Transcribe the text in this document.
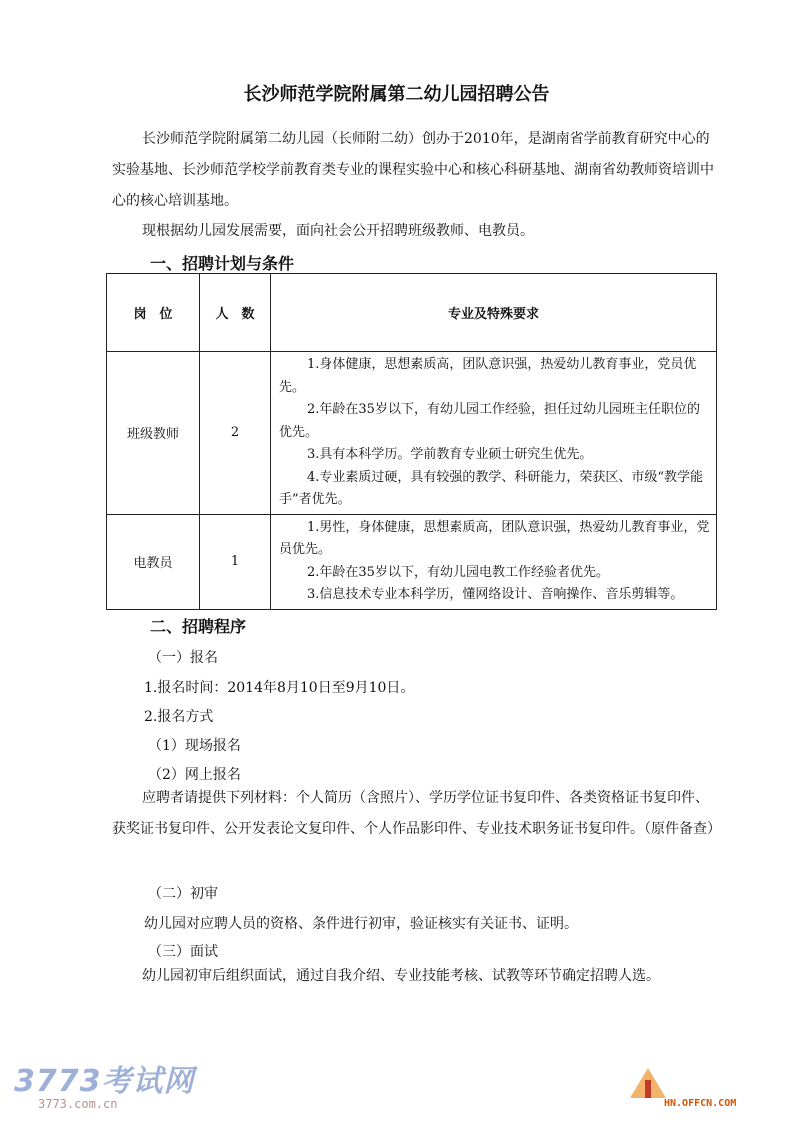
长沙师范学院附属第二幼儿园招聘公告

长沙师范学院附属第二幼儿园（长师附二幼）创办于2010年，是湖南省学前教育研究中心的实验基地、长沙师范学校学前教育类专业的课程实验中心和核心科研基地、湖南省幼教师资培训中心的核心培训基地。

现根据幼儿园发展需要，面向社会公开招聘班级教师、电教员。

一、招聘计划与条件
岗　位	人　数	专业及特殊要求
班级教师	2	1.身体健康，思想素质高，团队意识强，热爱幼儿教育事业，党员优先。

2.年龄在35岁以下，有幼儿园工作经验，担任过幼儿园班主任职位的优先。

3.具有本科学历。学前教育专业硕士研究生优先。

4.专业素质过硬，具有较强的教学、科研能力，荣获区、市级“教学能手”者优先。

电教员	1	1.男性，身体健康，思想素质高，团队意识强，热爱幼儿教育事业，党员优先。

2.年龄在35岁以下，有幼儿园电教工作经验者优先。

3.信息技术专业本科学历，懂网络设计、音响操作、音乐剪辑等。

二、招聘程序
（一）报名
1.报名时间：2014年8月10日至9月10日。
2.报名方式
（1）现场报名
（2）网上报名

应聘者请提供下列材料：个人简历（含照片）、学历学位证书复印件、各类资格证书复印件、获奖证书复印件、公开发表论文复印件、个人作品影印件、专业技术职务证书复印件。（原件备查）

（二）初审
幼儿园对应聘人员的资格、条件进行初审，验证核实有关证书、证明。
（三）面试

幼儿园初审后组织面试，通过自我介绍、专业技能考核、试教等环节确定招聘人选。

3773考试网
3773.com.cn	HN.OFFCN.COM
